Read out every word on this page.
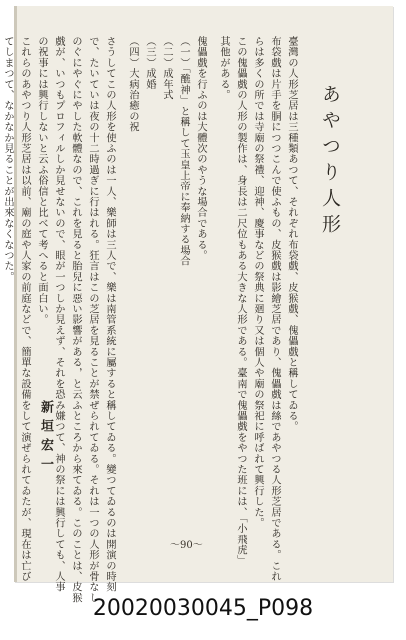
あやつり人形
臺灣の人形芝居は三種類あつて、それぞれ布袋戲、皮猴戲、傀儡戲と稱してゐる。
布袋戲は片手を胴につつこんで使ふもの、皮猴戲は影繪芝居であり、傀儡戲は絲であやつる人形芝居である。これ
らは多くの所では寺廟の祭禮、迎神、慶事などの祭典に廻り又は個人や廟の祭祀に呼ばれて興行した。
この傀儡戲の人形の製作は、身長は二尺位もある大きな人形である。臺南で傀儡戲をやつた班には、「小飛虎」
其他がある。
傀儡戲を行ふのは大體次のやうな場合である。
（一）「醮神」と稱して玉皇上帝に奉納する場合
（二）成年式
（三）成婚
（四）大病治癒の祝
さうしてこの人形を使ふのは一人、樂師は三人で、樂は南管系統に屬すると稱してゐる。變つてゐるのは開演の時刻
で、たいていは夜の十二時過ぎに行はれる。狂言はこの芝居を見ることが禁ぜられてゐる。それは一つの人形が骨なし
のぐにやぐにやした軟體なので、これを見ると胎兒に惡い影響がある，と云ふところから來てゐる。このことは、皮猴
戲が、いつもプロフィルしか見せないので、眼が一つしか見えず、それを恐み嫌つて、神の祭には興行しても、人事
の祝事には興行しないと云ふ俗信と比べて考へると面白い。
これらのあやつり人形芝居は以前、廟の庭や人家の前庭などで、簡單な設備をして演ぜられてゐたが、現在は亡び
てしまつて、なかなか見ることが出來なくなつた。
新垣宏一
〜90〜
20020030045_P098
